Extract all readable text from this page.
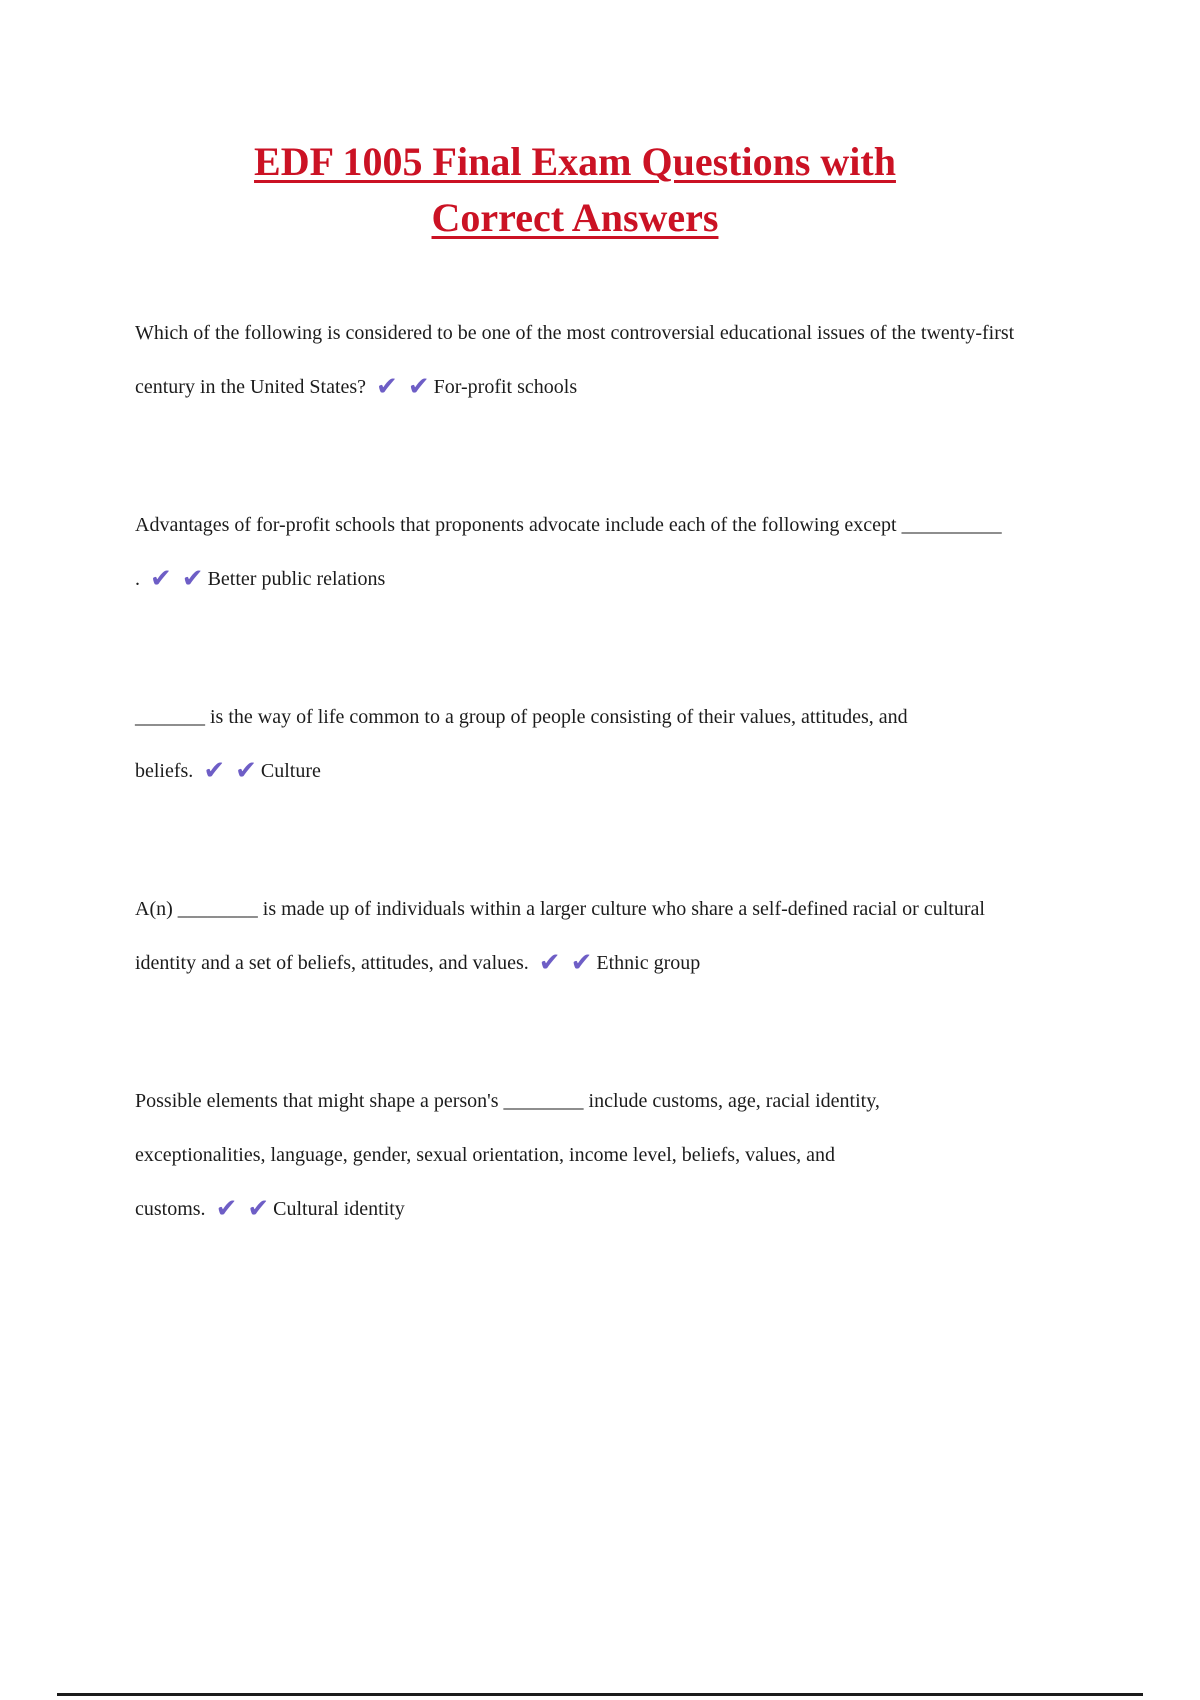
EDF 1005 Final Exam Questions with
Correct Answers

Which of the following is considered to be one of the most controversial educational issues of the twenty-first century in the United States? ✔ ✔ For-profit schools

Advantages of for-profit schools that proponents advocate include each of the following except __________ . ✔ ✔ Better public relations

_______ is the way of life common to a group of people consisting of their values, attitudes, and beliefs. ✔ ✔ Culture

A(n) ________ is made up of individuals within a larger culture who share a self-defined racial or cultural identity and a set of beliefs, attitudes, and values. ✔ ✔ Ethnic group

Possible elements that might shape a person's ________ include customs, age, racial identity, exceptionalities, language, gender, sexual orientation, income level, beliefs, values, and customs. ✔ ✔ Cultural identity
